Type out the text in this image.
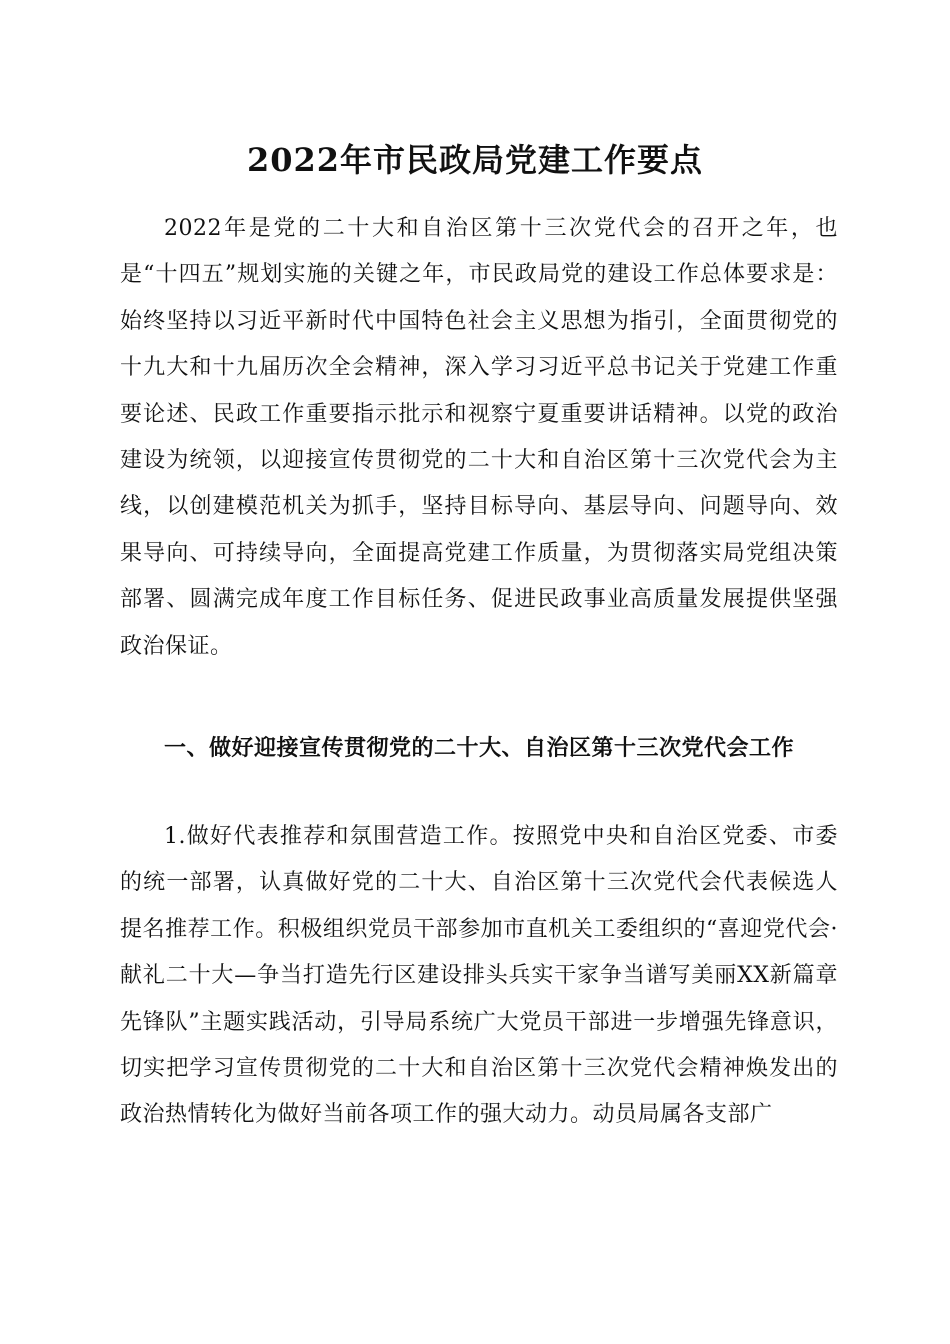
2022年市民政局党建工作要点

2022年是党的二十大和自治区第十三次党代会的召开之年，也是“十四五”规划实施的关键之年，市民政局党的建设工作总体要求是：始终坚持以习近平新时代中国特色社会主义思想为指引，全面贯彻党的十九大和十九届历次全会精神，深入学习习近平总书记关于党建工作重要论述、民政工作重要指示批示和视察宁夏重要讲话精神。以党的政治建设为统领，以迎接宣传贯彻党的二十大和自治区第十三次党代会为主线，以创建模范机关为抓手，坚持目标导向、基层导向、问题导向、效果导向、可持续导向，全面提高党建工作质量，为贯彻落实局党组决策部署、圆满完成年度工作目标任务、促进民政事业高质量发展提供坚强政治保证。

一、做好迎接宣传贯彻党的二十大、自治区第十三次党代会工作

1.做好代表推荐和氛围营造工作。按照党中央和自治区党委、市委的统一部署，认真做好党的二十大、自治区第十三次党代会代表候选人提名推荐工作。积极组织党员干部参加市直机关工委组织的“喜迎党代会·献礼二十大—争当打造先行区建设排头兵实干家争当谱写美丽XX新篇章先锋队”主题实践活动，引导局系统广大党员干部进一步增强先锋意识，切实把学习宣传贯彻党的二十大和自治区第十三次党代会精神焕发出的政治热情转化为做好当前各项工作的强大动力。动员局属各支部广
